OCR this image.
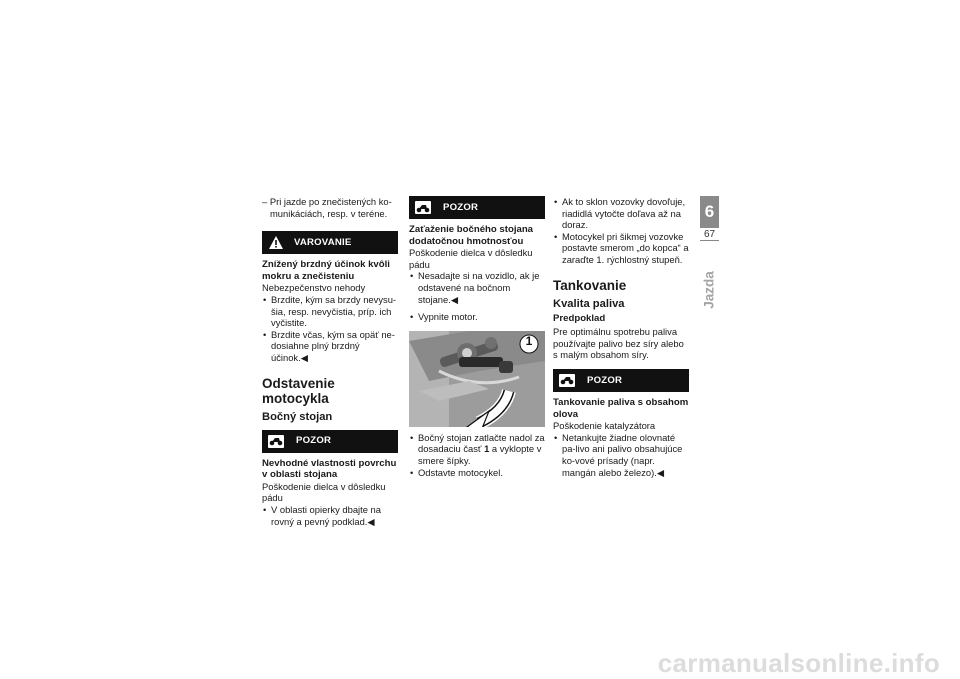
– Pri jazde po znečistených ko-
munikáciách, resp. v teréne.

VAROVANIE
Znížený brzdný účinok kvôli mokru a znečisteniu

Nebezpečenstvo nehody

• Brzdite, kým sa brzdy nevysu-šia, resp. nevyčistia, príp. ich vyčistite.
• Brzdite včas, kým sa opäť ne-dosiahne plný brzdný účinok.◀
Odstavenie motocykla
Bočný stojan
POZOR
Nevhodné vlastnosti povrchu v oblasti stojana

Poškodenie dielca v dôsledku pádu

• V oblasti opierky dbajte na rovný a pevný podklad.◀
POZOR
Zaťaženie bočného stojana dodatočnou hmotnosťou

Poškodenie dielca v dôsledku pádu

• Nesadajte si na vozidlo, ak je odstavené na bočnom stojane.◀
• Vypnite motor.
1
• Bočný stojan zatlačte nadol za dosadaciu časť 1 a vyklopte v smere šípky.
• Odstavte motocykel.
• Ak to sklon vozovky dovoľuje, riadidlá vytočte doľava až na doraz.
• Motocykel pri šikmej vozovke postavte smerom „do kopca“ a zaraďte 1. rýchlostný stupeň.
Tankovanie
Kvalita paliva
Predpoklad

Pre optimálnu spotrebu paliva používajte palivo bez síry alebo s malým obsahom síry.

POZOR
Tankovanie paliva s obsahom olova

Poškodenie katalyzátora

• Netankujte žiadne olovnaté pa-livo ani palivo obsahujúce ko-vové prísady (napr. mangán alebo železo).◀
6
67
Jazda
carmanualsonline.info
